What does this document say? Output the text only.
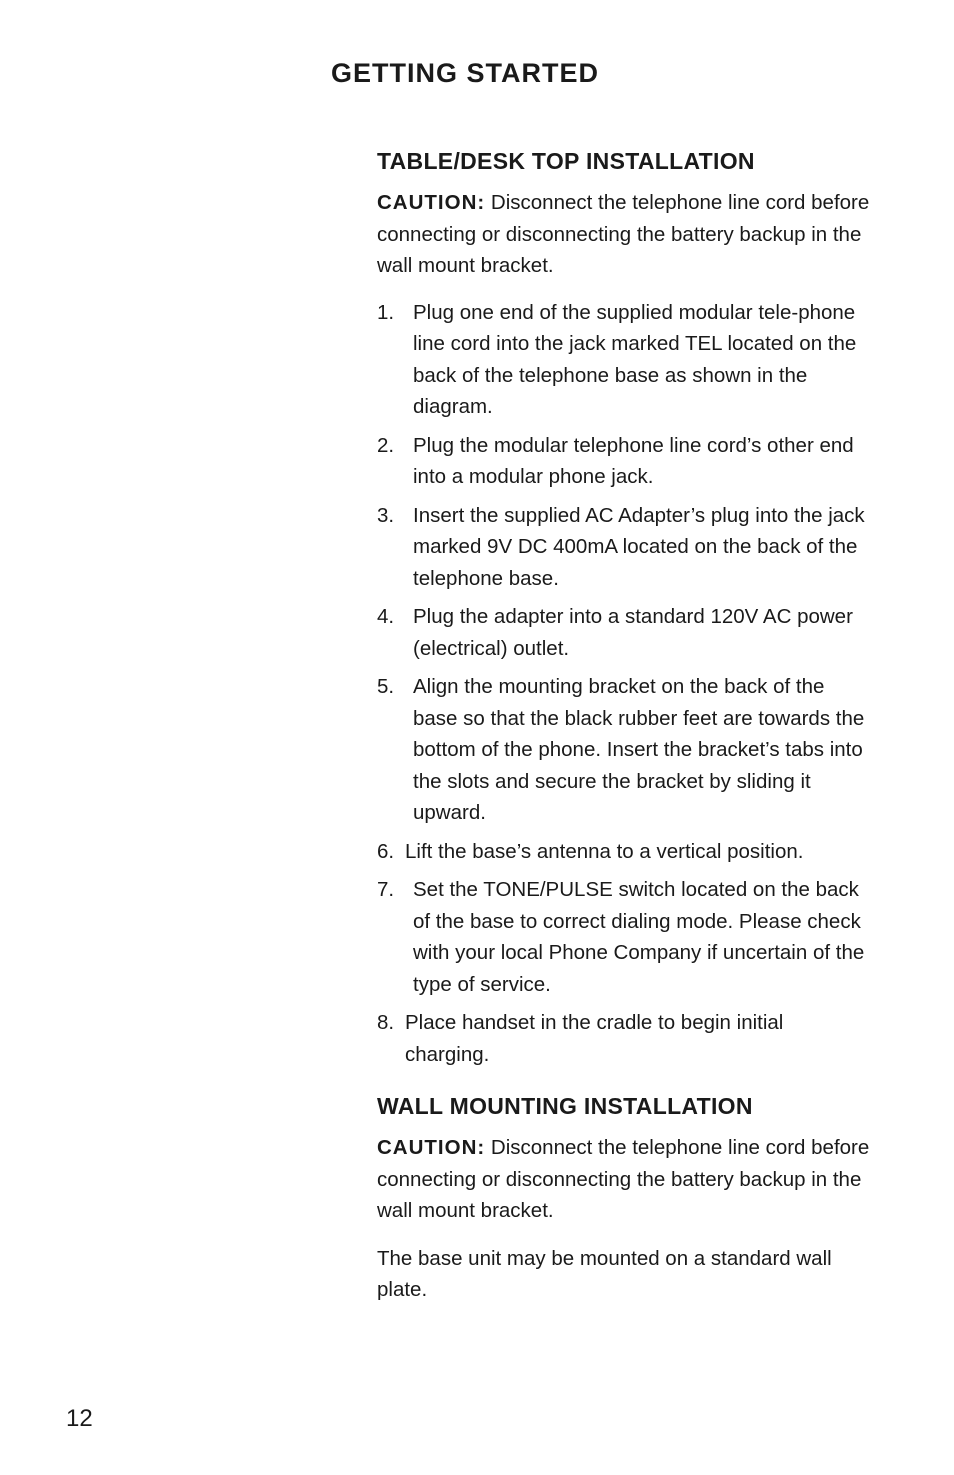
GETTING STARTED
TABLE/DESK TOP INSTALLATION

CAUTION: Disconnect the telephone line cord before connecting or disconnecting the battery backup in the wall mount bracket.

1. Plug one end of the supplied modular tele-phone line cord into the jack marked TEL located on the back of the telephone base as shown in the diagram.
2. Plug the modular telephone line cord’s other end into a modular phone jack.
3. Insert the supplied AC Adapter’s plug into the jack marked 9V DC 400mA located on the back of the telephone base.
4. Plug the adapter into a standard 120V AC power (electrical) outlet.
5. Align the mounting bracket on the back of the base so that the black rubber feet are towards the bottom of the phone. Insert the bracket’s tabs into the slots and secure the bracket by sliding it upward.
6. Lift the base’s antenna to a vertical position.
7. Set the TONE/PULSE switch located on the back of the base to correct dialing mode. Please check with your local Phone Company if uncertain of the type of service.
8. Place handset in the cradle to begin initial charging.
WALL MOUNTING INSTALLATION

CAUTION: Disconnect the telephone line cord before connecting or disconnecting the battery backup in the wall mount bracket.

The base unit may be mounted on a standard wall plate.

12
